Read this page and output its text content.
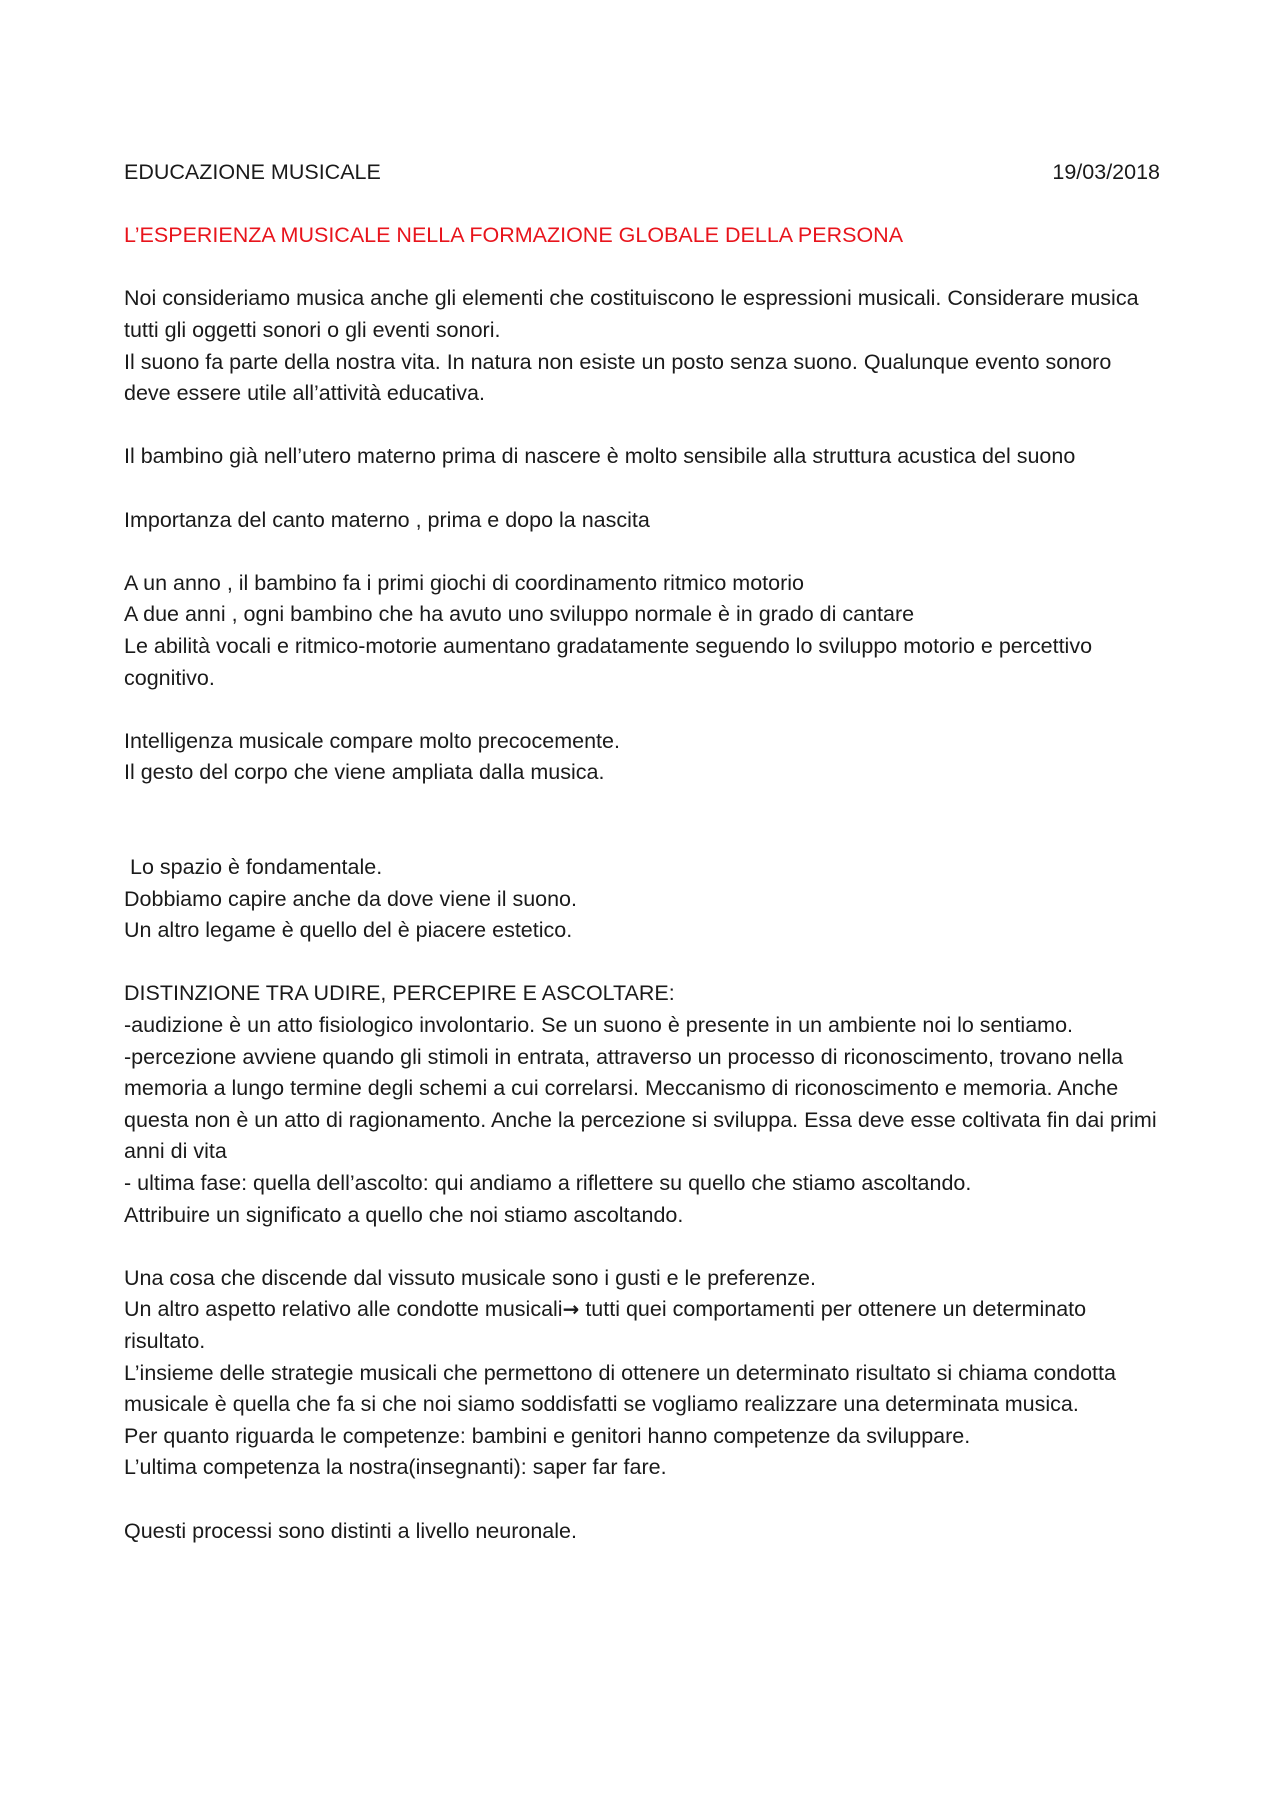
EDUCAZIONE MUSICALE	19/03/2018
L’ESPERIENZA MUSICALE NELLA FORMAZIONE GLOBALE DELLA PERSONA
Noi consideriamo musica anche gli elementi che costituiscono le espressioni musicali. Considerare musica tutti gli oggetti sonori o gli eventi sonori.
Il suono fa parte della nostra vita. In natura non esiste un posto senza suono. Qualunque evento sonoro deve essere utile all’attività educativa.
Il bambino già nell’utero materno prima di nascere è molto sensibile alla struttura acustica del suono
Importanza del canto materno , prima e dopo la nascita
A un anno , il bambino fa i primi giochi di coordinamento ritmico motorio
A due anni , ogni bambino che ha avuto uno sviluppo normale è in grado di cantare
Le abilità vocali e ritmico-motorie aumentano gradatamente seguendo lo sviluppo motorio e percettivo cognitivo.
Intelligenza musicale compare molto precocemente.
Il gesto del corpo che viene ampliata dalla musica.
Lo spazio è fondamentale.
Dobbiamo capire anche da dove viene il suono.
Un altro legame è quello del è piacere estetico.
DISTINZIONE TRA UDIRE, PERCEPIRE E ASCOLTARE:
-audizione è un atto fisiologico involontario. Se un suono è presente in un ambiente noi lo sentiamo.
-percezione avviene quando gli stimoli in entrata, attraverso un processo di riconoscimento, trovano nella memoria a lungo termine degli schemi a cui correlarsi. Meccanismo di riconoscimento e memoria. Anche questa non è un atto di ragionamento. Anche la percezione si sviluppa. Essa deve esse coltivata fin dai primi anni di vita
- ultima fase: quella dell’ascolto: qui andiamo a riflettere su quello che stiamo ascoltando.
Attribuire un significato a quello che noi stiamo ascoltando.
Una cosa che discende dal vissuto musicale sono i gusti e le preferenze.
Un altro aspetto relativo alle condotte musicali→ tutti quei comportamenti per ottenere un determinato risultato.
L’insieme delle strategie musicali che permettono di ottenere un determinato risultato si chiama condotta musicale è quella che fa si che noi siamo soddisfatti se vogliamo realizzare una determinata musica.
Per quanto riguarda le competenze: bambini e genitori hanno competenze da sviluppare.
L’ultima competenza la nostra(insegnanti): saper far fare.
Questi processi sono distinti a livello neuronale.
